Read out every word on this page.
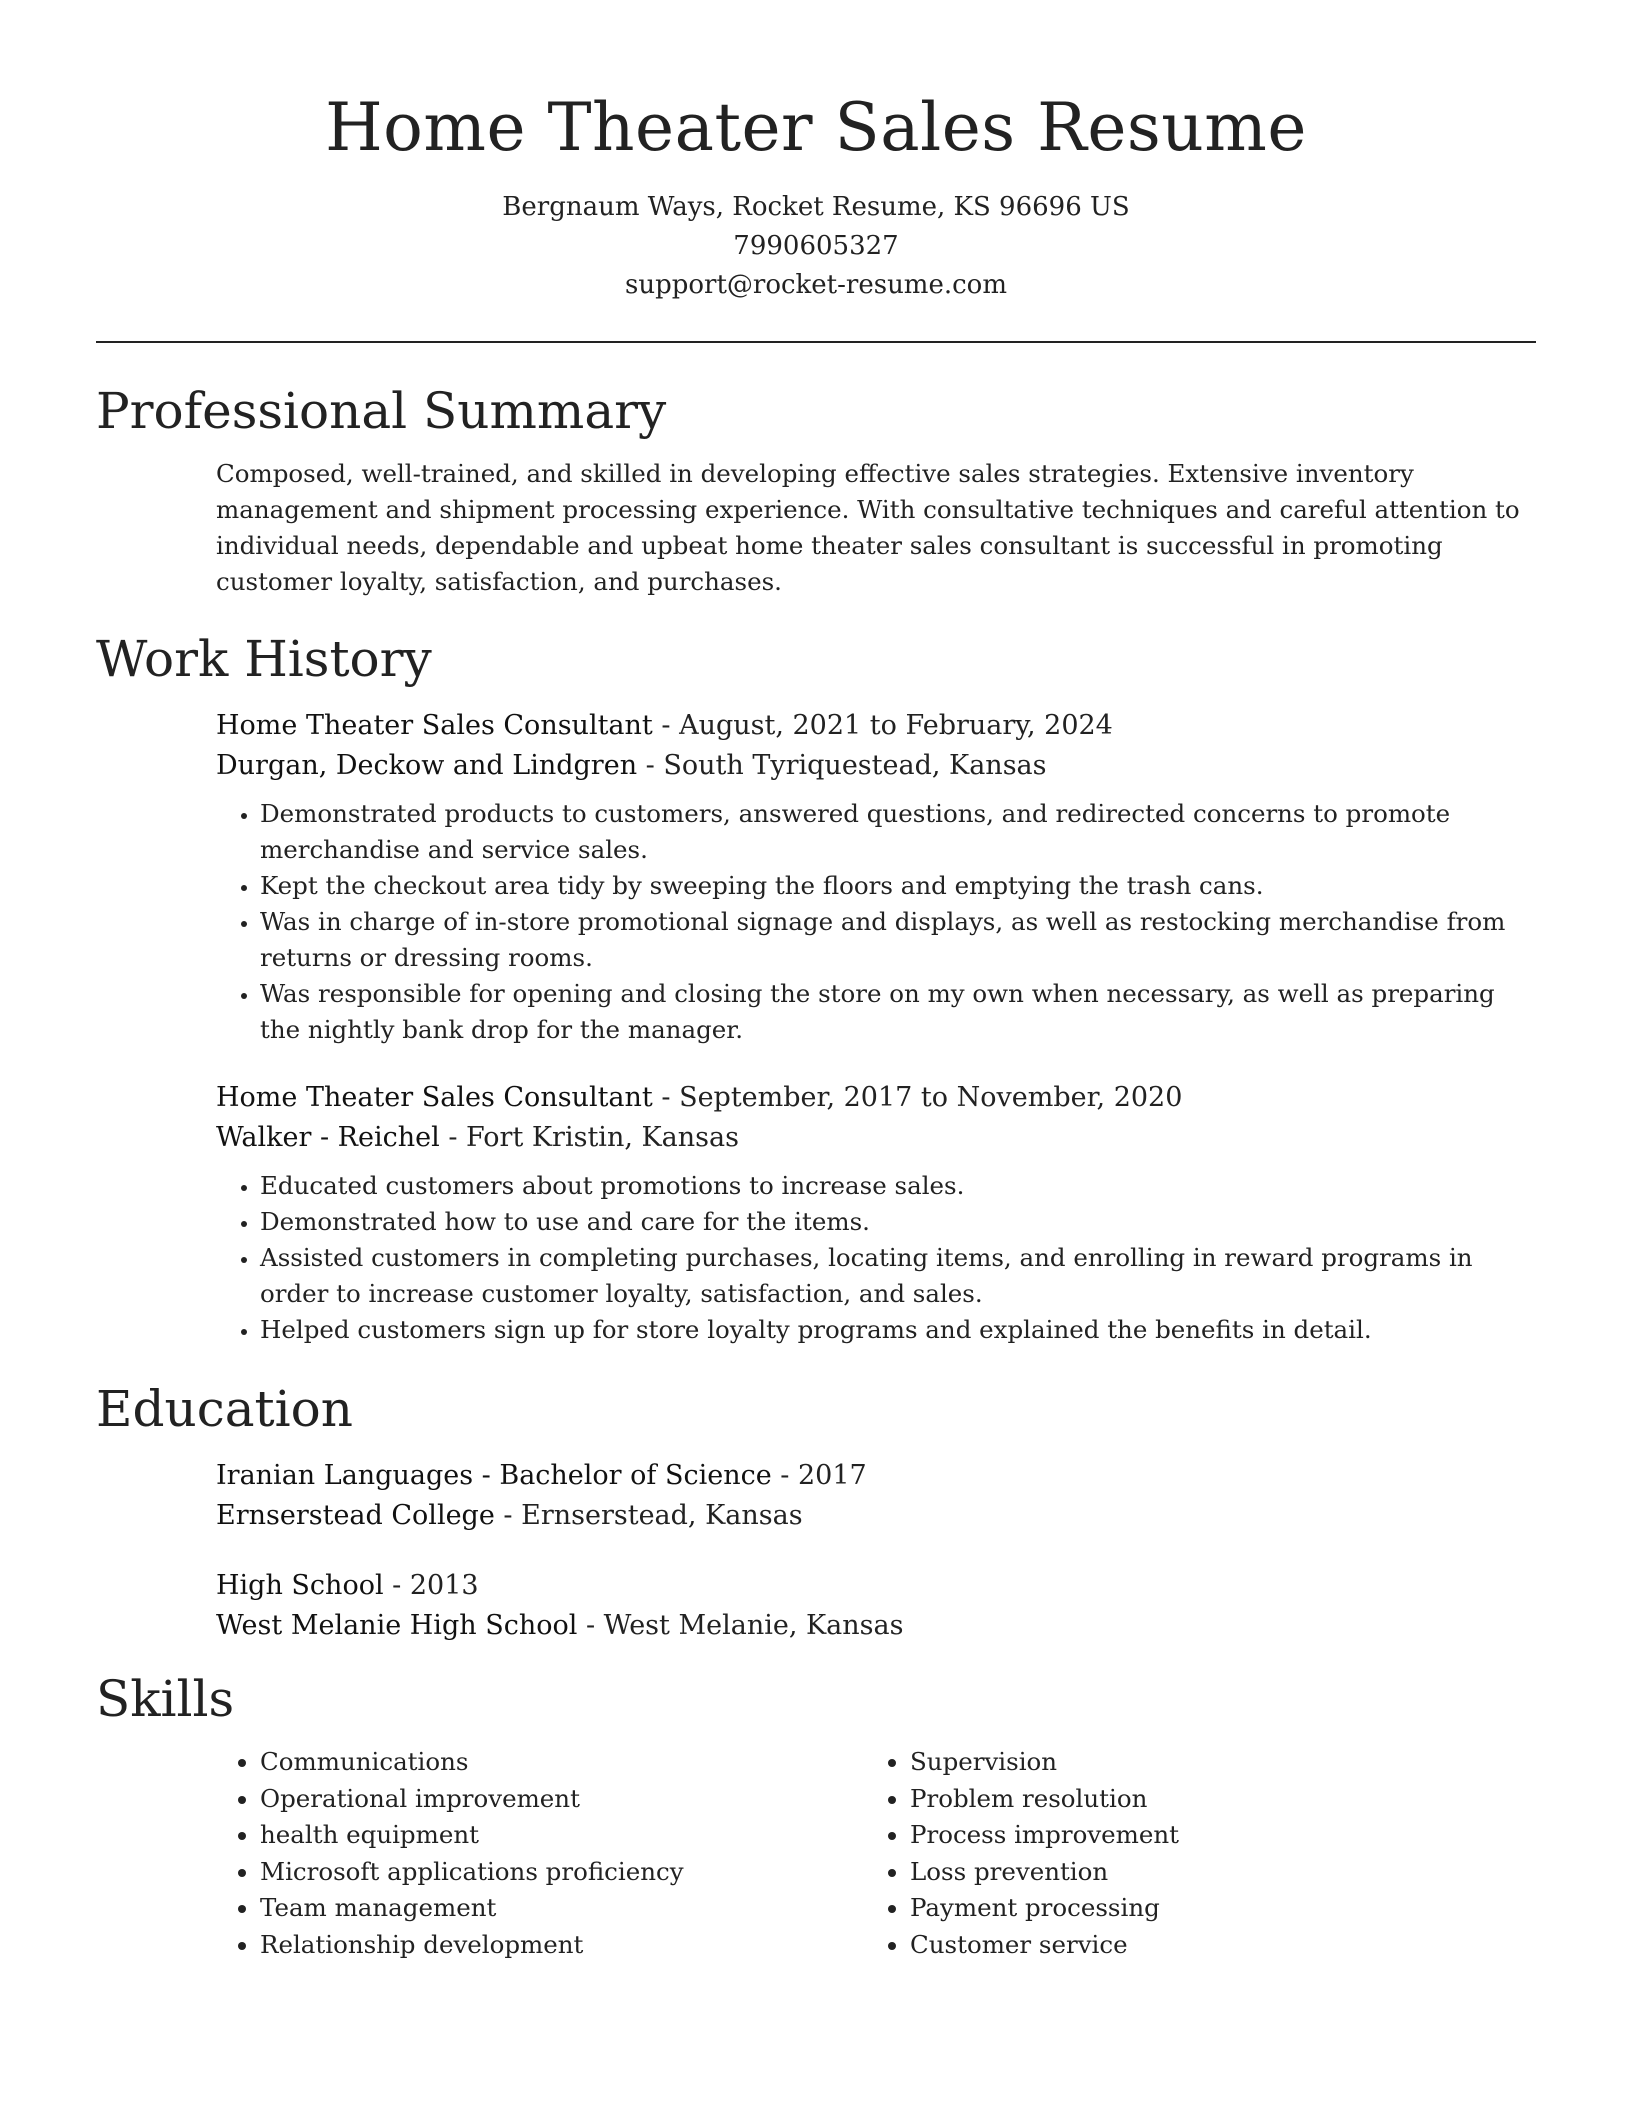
Home Theater Sales Resume
Bergnaum Ways, Rocket Resume, KS 96696 US
7990605327
support@rocket-resume.com
Professional Summary

Composed, well-trained, and skilled in developing effective sales strategies. Extensive inventory management and shipment processing experience. With consultative techniques and careful attention to individual needs, dependable and upbeat home theater sales consultant is successful in promoting customer loyalty, satisfaction, and purchases.

Work History
Home Theater Sales Consultant - August, 2021 to February, 2024
Durgan, Deckow and Lindgren - South Tyriquestead, Kansas
• Demonstrated products to customers, answered questions, and redirected concerns to promote merchandise and service sales.
• Kept the checkout area tidy by sweeping the floors and emptying the trash cans.
• Was in charge of in-store promotional signage and displays, as well as restocking merchandise from returns or dressing rooms.
• Was responsible for opening and closing the store on my own when necessary, as well as preparing the nightly bank drop for the manager.
Home Theater Sales Consultant - September, 2017 to November, 2020
Walker - Reichel - Fort Kristin, Kansas
• Educated customers about promotions to increase sales.
• Demonstrated how to use and care for the items.
• Assisted customers in completing purchases, locating items, and enrolling in reward programs in order to increase customer loyalty, satisfaction, and sales.
• Helped customers sign up for store loyalty programs and explained the benefits in detail.
Education
Iranian Languages - Bachelor of Science - 2017
Ernserstead College - Ernserstead, Kansas
High School - 2013
West Melanie High School - West Melanie, Kansas
Skills
• Communications
• Operational improvement
• health equipment
• Microsoft applications proficiency
• Team management
• Relationship development
• Supervision
• Problem resolution
• Process improvement
• Loss prevention
• Payment processing
• Customer service
